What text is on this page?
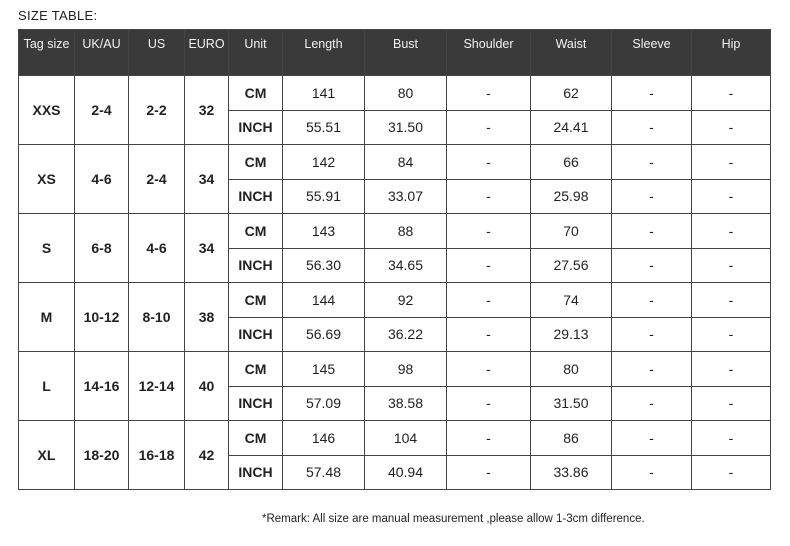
SIZE TABLE:
Tag size	UK/AU	US	EURO	Unit	Length	Bust	Shoulder	Waist	Sleeve	Hip
XXS	2-4	2-2	32	CM	141	80	-	62	-	-
				INCH	55.51	31.50	-	24.41	-	-
XS	4-6	2-4	34	CM	142	84	-	66	-	-
				INCH	55.91	33.07	-	25.98	-	-
S	6-8	4-6	34	CM	143	88	-	70	-	-
				INCH	56.30	34.65	-	27.56	-	-
M	10-12	8-10	38	CM	144	92	-	74	-	-
				INCH	56.69	36.22	-	29.13	-	-
L	14-16	12-14	40	CM	145	98	-	80	-	-
				INCH	57.09	38.58	-	31.50	-	-
XL	18-20	16-18	42	CM	146	104	-	86	-	-
				INCH	57.48	40.94	-	33.86	-	-
*Remark: All size are manual measurement ,please allow 1-3cm difference.
